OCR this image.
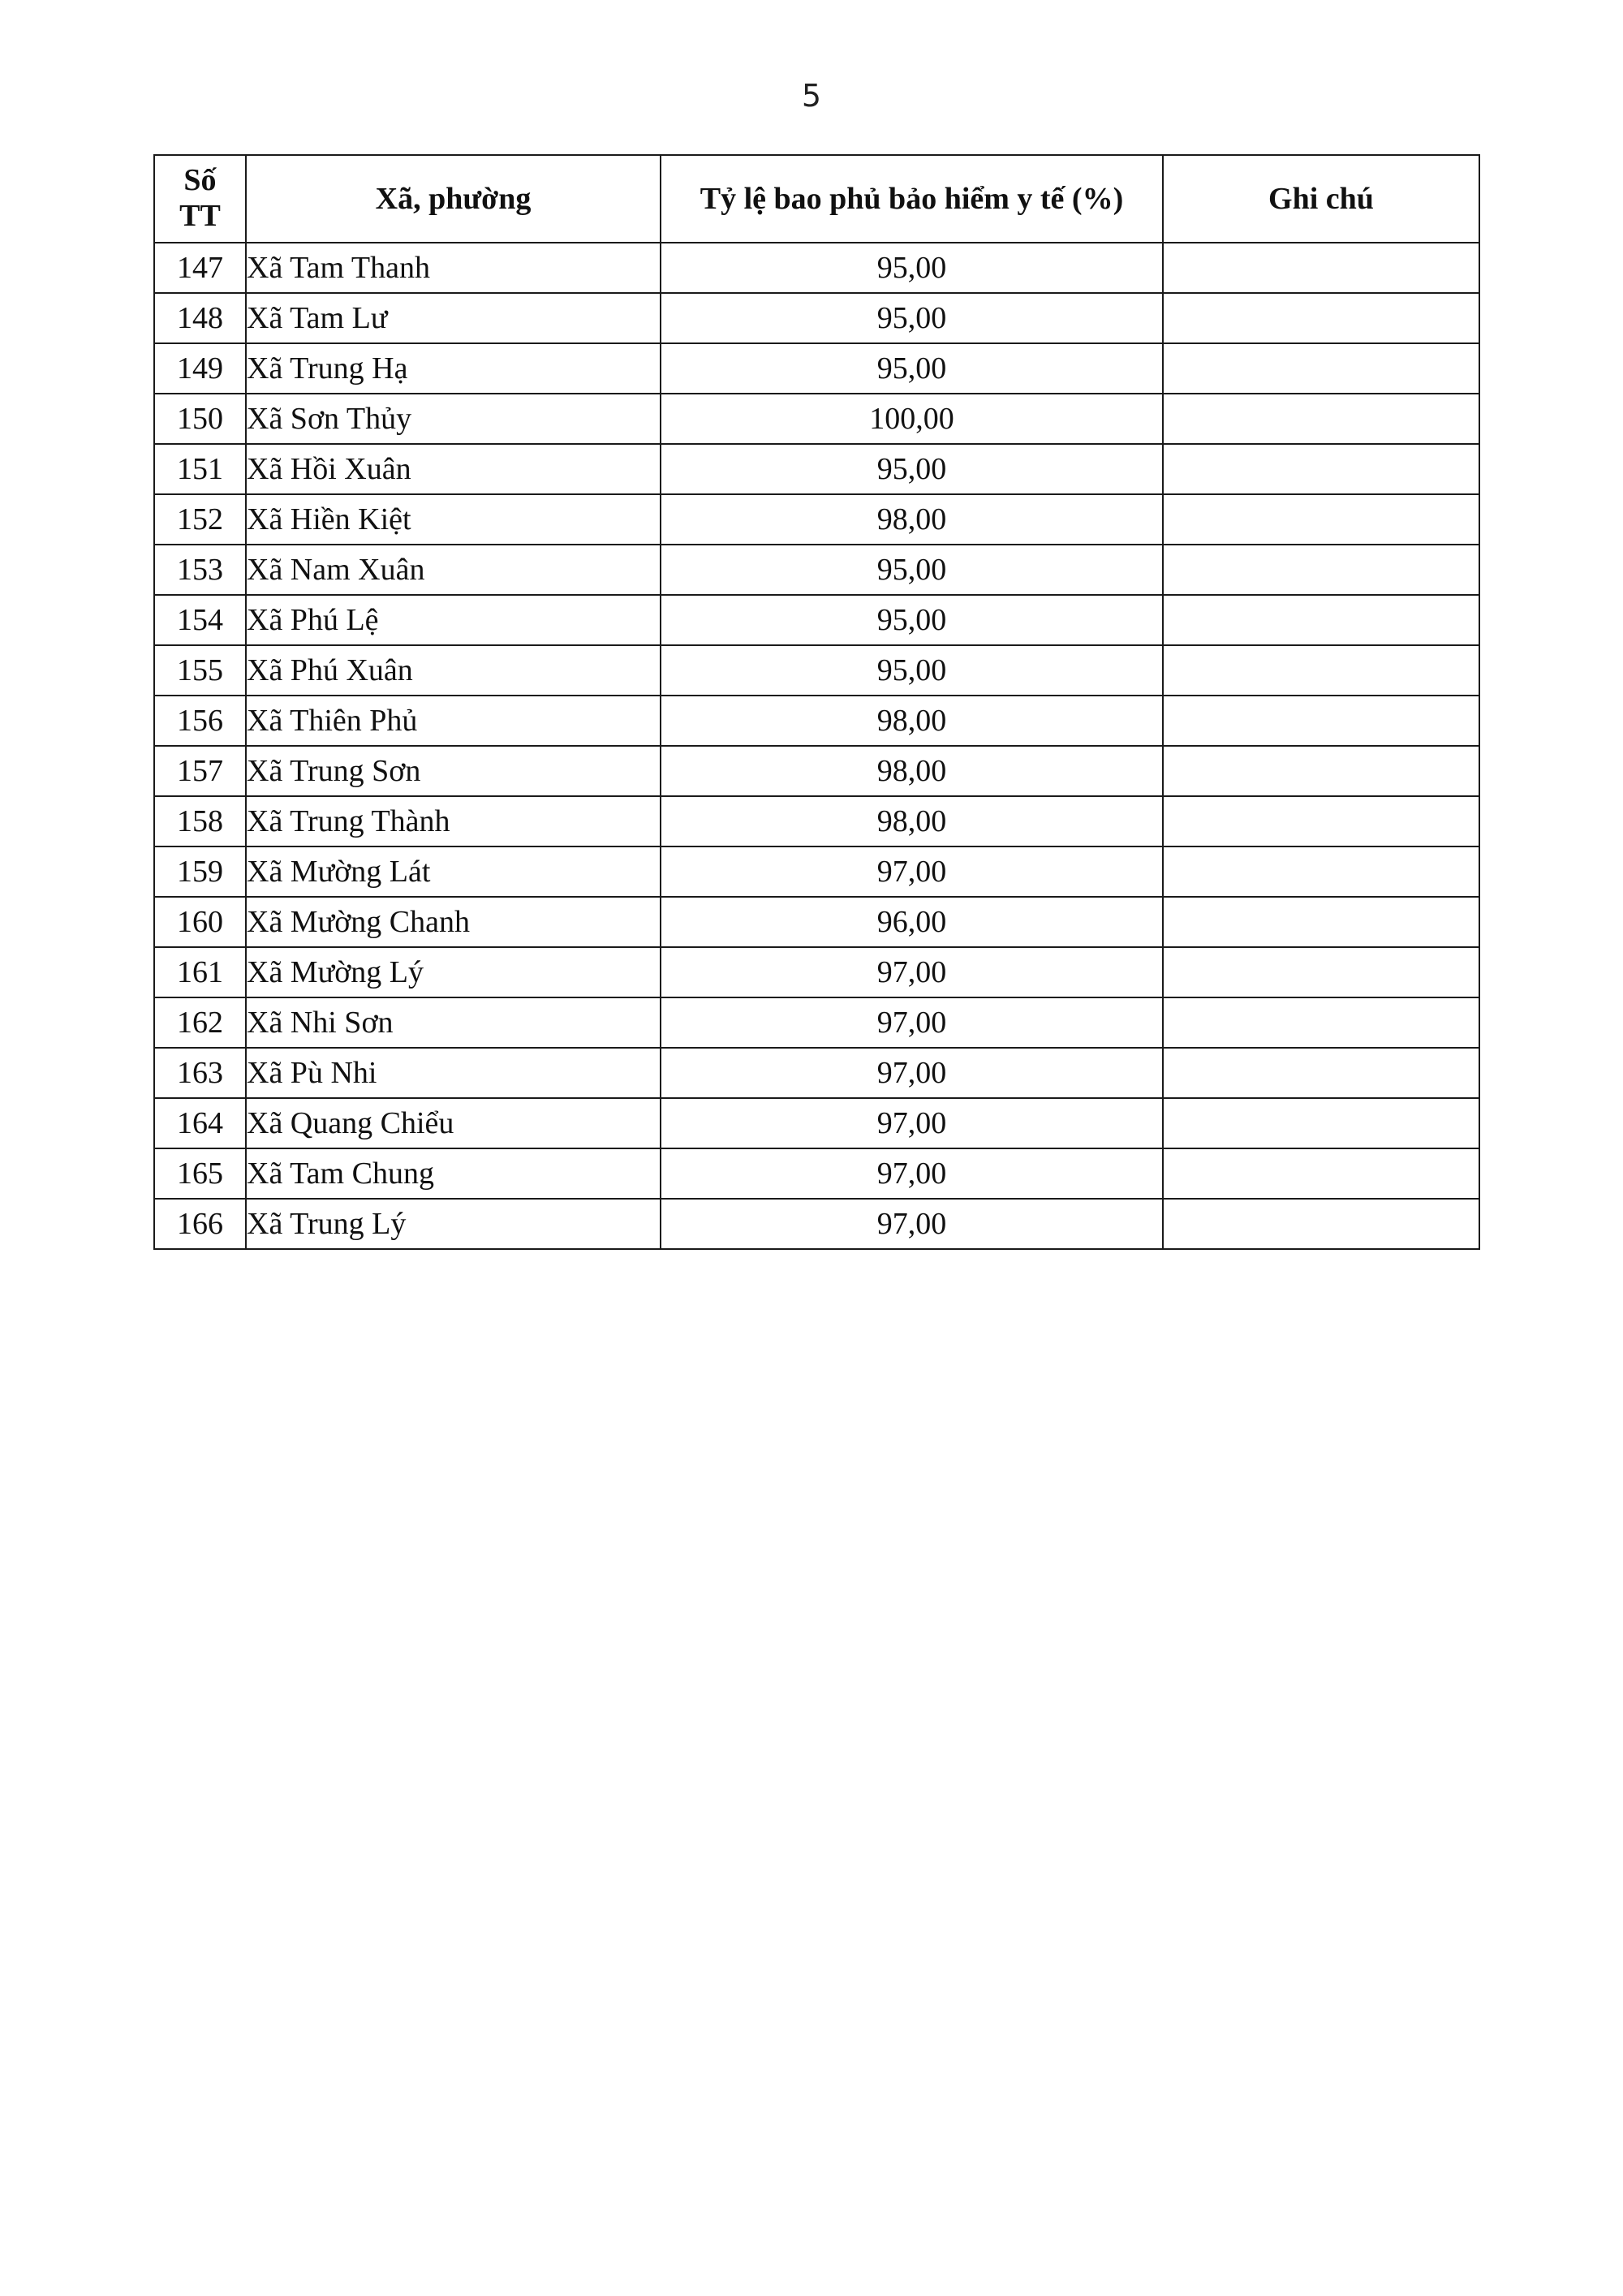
5
Số
TT	Xã, phường	Tỷ lệ bao phủ bảo hiểm y tế (%)	Ghi chú
147	Xã Tam Thanh	95,00	
148	Xã Tam Lư	95,00	
149	Xã Trung Hạ	95,00	
150	Xã Sơn Thủy	100,00	
151	Xã Hồi Xuân	95,00	
152	Xã Hiền Kiệt	98,00	
153	Xã Nam Xuân	95,00	
154	Xã Phú Lệ	95,00	
155	Xã Phú Xuân	95,00	
156	Xã Thiên Phủ	98,00	
157	Xã Trung Sơn	98,00	
158	Xã Trung Thành	98,00	
159	Xã Mường Lát	97,00	
160	Xã Mường Chanh	96,00	
161	Xã Mường Lý	97,00	
162	Xã Nhi Sơn	97,00	
163	Xã Pù Nhi	97,00	
164	Xã Quang Chiểu	97,00	
165	Xã Tam Chung	97,00	
166	Xã Trung Lý	97,00	
